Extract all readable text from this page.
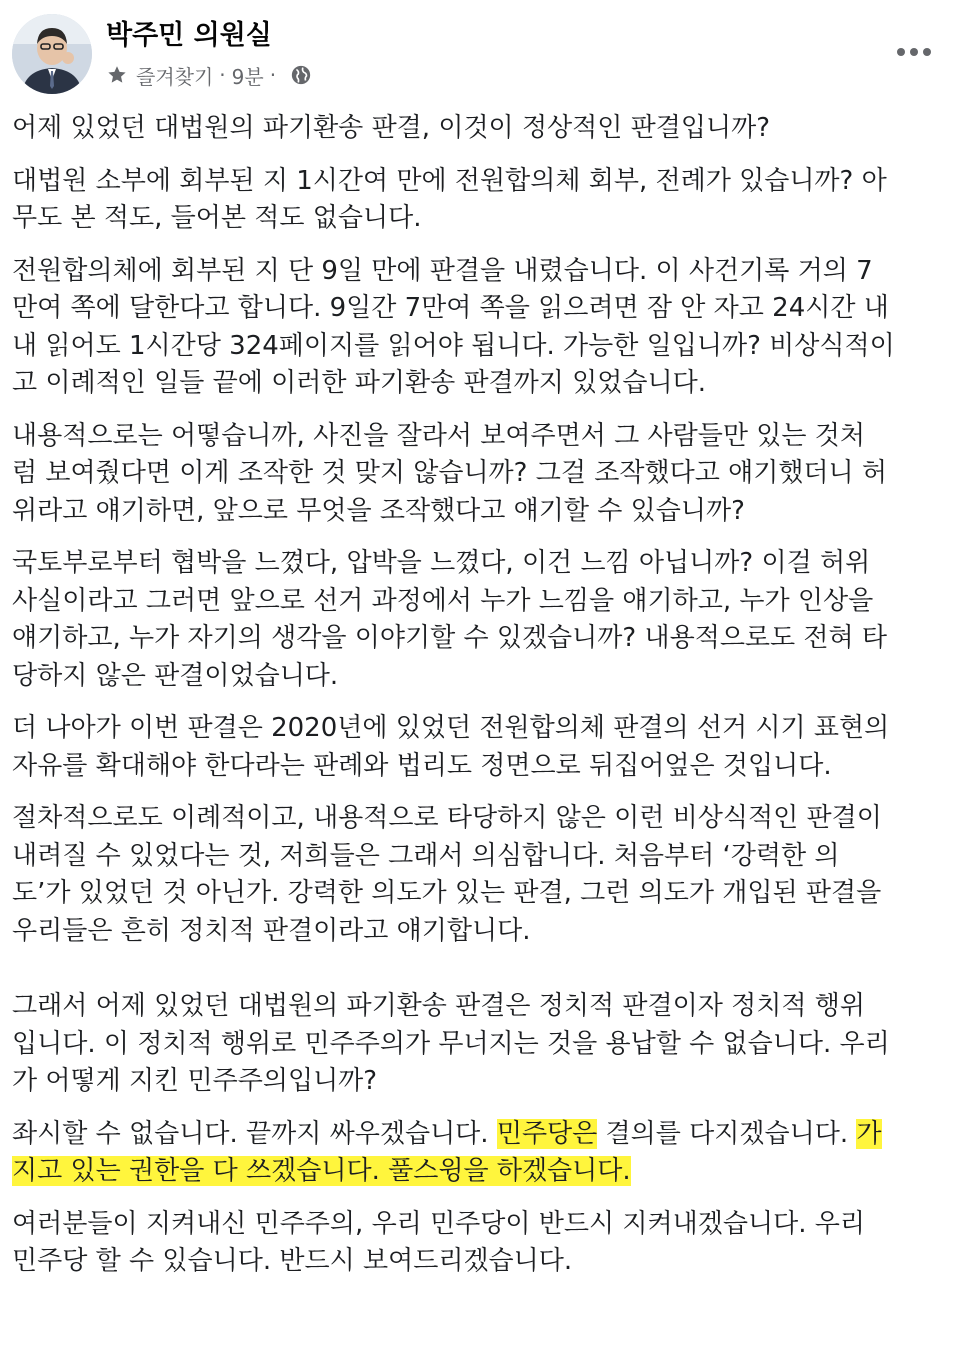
박주민 의원실
즐겨찾기 · 9분 ·

어제 있었던 대법원의 파기환송 판결, 이것이 정상적인 판결입니까?

대법원 소부에 회부된 지 1시간여 만에 전원합의체 회부, 전례가 있습니까? 아
무도 본 적도, 들어본 적도 없습니다.

전원합의체에 회부된 지 단 9일 만에 판결을 내렸습니다. 이 사건기록 거의 7
만여 쪽에 달한다고 합니다. 9일간 7만여 쪽을 읽으려면 잠 안 자고 24시간 내
내 읽어도 1시간당 324페이지를 읽어야 됩니다. 가능한 일입니까? 비상식적이
고 이례적인 일들 끝에 이러한 파기환송 판결까지 있었습니다.

내용적으로는 어떻습니까, 사진을 잘라서 보여주면서 그 사람들만 있는 것처
럼 보여줬다면 이게 조작한 것 맞지 않습니까? 그걸 조작했다고 얘기했더니 허
위라고 얘기하면, 앞으로 무엇을 조작했다고 얘기할 수 있습니까?

국토부로부터 협박을 느꼈다, 압박을 느꼈다, 이건 느낌 아닙니까? 이걸 허위
사실이라고 그러면 앞으로 선거 과정에서 누가 느낌을 얘기하고, 누가 인상을
얘기하고, 누가 자기의 생각을 이야기할 수 있겠습니까? 내용적으로도 전혀 타
당하지 않은 판결이었습니다.

더 나아가 이번 판결은 2020년에 있었던 전원합의체 판결의 선거 시기 표현의
자유를 확대해야 한다라는 판례와 법리도 정면으로 뒤집어엎은 것입니다.

절차적으로도 이례적이고, 내용적으로 타당하지 않은 이런 비상식적인 판결이
내려질 수 있었다는 것, 저희들은 그래서 의심합니다. 처음부터 ‘강력한 의
도’가 있었던 것 아닌가. 강력한 의도가 있는 판결, 그런 의도가 개입된 판결을
우리들은 흔히 정치적 판결이라고 얘기합니다.

그래서 어제 있었던 대법원의 파기환송 판결은 정치적 판결이자 정치적 행위
입니다. 이 정치적 행위로 민주주의가 무너지는 것을 용납할 수 없습니다. 우리
가 어떻게 지킨 민주주의입니까?

좌시할 수 없습니다. 끝까지 싸우겠습니다. 민주당은 결의를 다지겠습니다. 가
지고 있는 권한을 다 쓰겠습니다. 풀스윙을 하겠습니다.

여러분들이 지켜내신 민주주의, 우리 민주당이 반드시 지켜내겠습니다. 우리
민주당 할 수 있습니다. 반드시 보여드리겠습니다.
